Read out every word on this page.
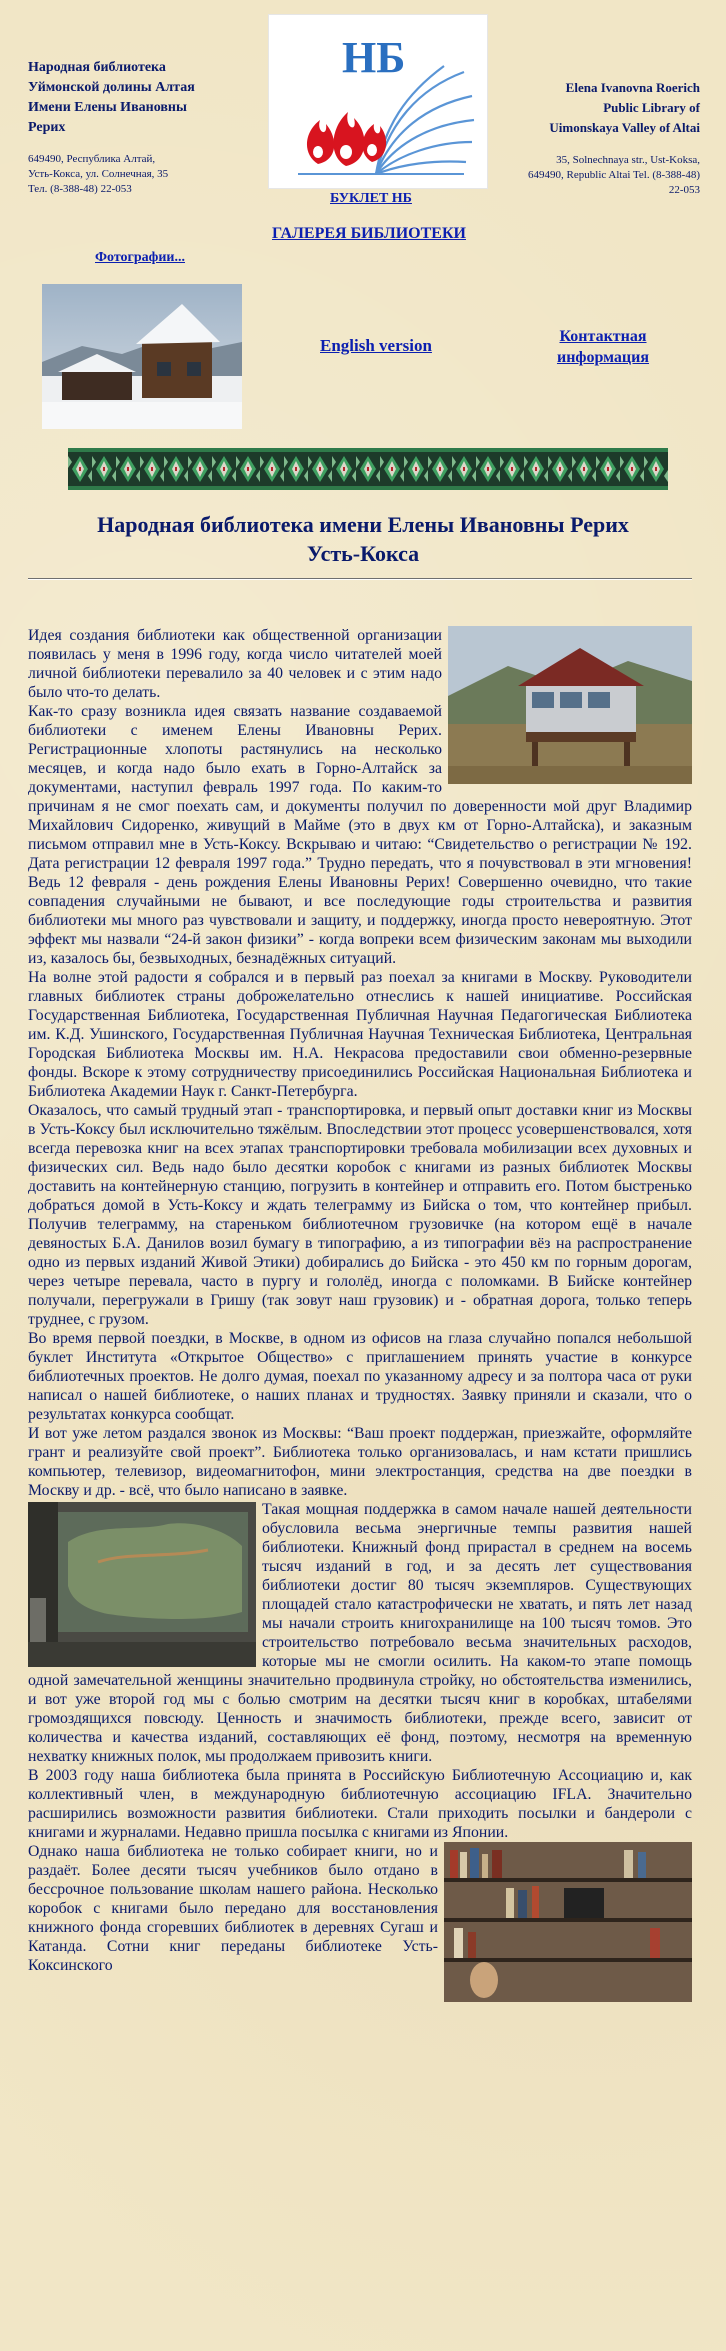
Народная библиотека
Уймонской долины Алтая
Имени Елены Ивановны
Рерих
649490, Республика Алтай,
Усть-Кокса, ул. Солнечная, 35
Тел. (8-388-48) 22-053
НБ
Elena Ivanovna Roerich
Public Library of
Uimonskaya Valley of Altai
35, Solnechnaya str., Ust-Koksa,
649490, Republic Altai Tel. (8-388-48)
22-053
БУКЛЕТ НБ
ГАЛЕРЕЯ БИБЛИОТЕКИ
Фотографии...
English version	Контактная информация
Народная библиотека имени Елены Ивановны Рерих
Усть-Кокса

Идея создания библиотеки как общественной организации появилась у меня в 1996 году, когда число читателей моей личной библиотеки перевалило за 40 человек и с этим надо было что-то делать.

Как-то сразу возникла идея связать название создаваемой библиотеки с именем Елены Ивановны Рерих. Регистрационные хлопоты растянулись на несколько месяцев, и когда надо было ехать в Горно-Алтайск за документами, наступил февраль 1997 года. По каким-то причинам я не смог поехать сам, и документы получил по доверенности мой друг Владимир Михайлович Сидоренко, живущий в Майме (это в двух км от Горно-Алтайска), и заказным письмом отправил мне в Усть-Коксу. Вскрываю и читаю: “Свидетельство о регистрации № 192. Дата регистрации 12 февраля 1997 года.” Трудно передать, что я почувствовал в эти мгновения! Ведь 12 февраля - день рождения Елены Ивановны Рерих! Совершенно очевидно, что такие совпадения случайными не бывают, и все последующие годы строительства и развития библиотеки мы много раз чувствовали и защиту, и поддержку, иногда просто невероятную. Этот эффект мы назвали “24-й закон физики” - когда вопреки всем физическим законам мы выходили из, казалось бы, безвыходных, безнадёжных ситуаций.

На волне этой радости я собрался и в первый раз поехал за книгами в Москву. Руководители главных библиотек страны доброжелательно отнеслись к нашей инициативе. Российская Государственная Библиотека, Государственная Публичная Научная Педагогическая Библиотека им. К.Д. Ушинского, Государственная Публичная Научная Техническая Библиотека, Центральная Городская Библиотека Москвы им. Н.А. Некрасова предоставили свои обменно-резервные фонды. Вскоре к этому сотрудничеству присоединились Российская Национальная Библиотека и Библиотека Академии Наук г. Санкт-Петербурга.

Оказалось, что самый трудный этап - транспортировка, и первый опыт доставки книг из Москвы в Усть-Коксу был исключительно тяжёлым. Впоследствии этот процесс усовершенствовался, хотя всегда перевозка книг на всех этапах транспортировки требовала мобилизации всех духовных и физических сил. Ведь надо было десятки коробок с книгами из разных библиотек Москвы доставить на контейнерную станцию, погрузить в контейнер и отправить его. Потом быстренько добраться домой в Усть-Коксу и ждать телеграмму из Бийска о том, что контейнер прибыл. Получив телеграмму, на стареньком библиотечном грузовичке (на котором ещё в начале девяностых Б.А. Данилов возил бумагу в типографию, а из типографии вёз на распространение одно из первых изданий Живой Этики) добирались до Бийска - это 450 км по горным дорогам, через четыре перевала, часто в пургу и гололёд, иногда с поломками. В Бийске контейнер получали, перегружали в Гришу (так зовут наш грузовик) и - обратная дорога, только теперь труднее, с грузом.

Во время первой поездки, в Москве, в одном из офисов на глаза случайно попался небольшой буклет Института «Открытое Общество» с приглашением принять участие в конкурсе библиотечных проектов. Не долго думая, поехал по указанному адресу и за полтора часа от руки написал о нашей библиотеке, о наших планах и трудностях. Заявку приняли и сказали, что о результатах конкурса сообщат.

И вот уже летом раздался звонок из Москвы: “Ваш проект поддержан, приезжайте, оформляйте грант и реализуйте свой проект”. Библиотека только организовалась, и нам кстати пришлись компьютер, телевизор, видеомагнитофон, мини электростанция, средства на две поездки в Москву и др. - всё, что было написано в заявке.

Такая мощная поддержка в самом начале нашей деятельности обусловила весьма энергичные темпы развития нашей библиотеки. Книжный фонд прирастал в среднем на восемь тысяч изданий в год, и за десять лет существования библиотеки достиг 80 тысяч экземпляров. Существующих площадей стало катастрофически не хватать, и пять лет назад мы начали строить книгохранилище на 100 тысяч томов. Это строительство потребовало весьма значительных расходов, которые мы не смогли осилить. На каком-то этапе помощь одной замечательной женщины значительно продвинула стройку, но обстоятельства изменились, и вот уже второй год мы с болью смотрим на десятки тысяч книг в коробках, штабелями громоздящихся повсюду. Ценность и значимость библиотеки, прежде всего, зависит от количества и качества изданий, составляющих её фонд, поэтому, несмотря на временную нехватку книжных полок, мы продолжаем привозить книги.

В 2003 году наша библиотека была принята в Российскую Библиотечную Ассоциацию и, как коллективный член, в международную библиотечную ассоциацию IFLA. Значительно расширились возможности развития библиотеки. Стали приходить посылки и бандероли с книгами и журналами. Недавно пришла посылка с книгами из Японии.

Однако наша библиотека не только собирает книги, но и раздаёт. Более десяти тысяч учебников было отдано в бессрочное пользование школам нашего района. Несколько коробок с книгами было передано для восстановления книжного фонда сгоревших библиотек в деревнях Сугаш и Катанда. Сотни книг переданы библиотеке Усть-Коксинского
